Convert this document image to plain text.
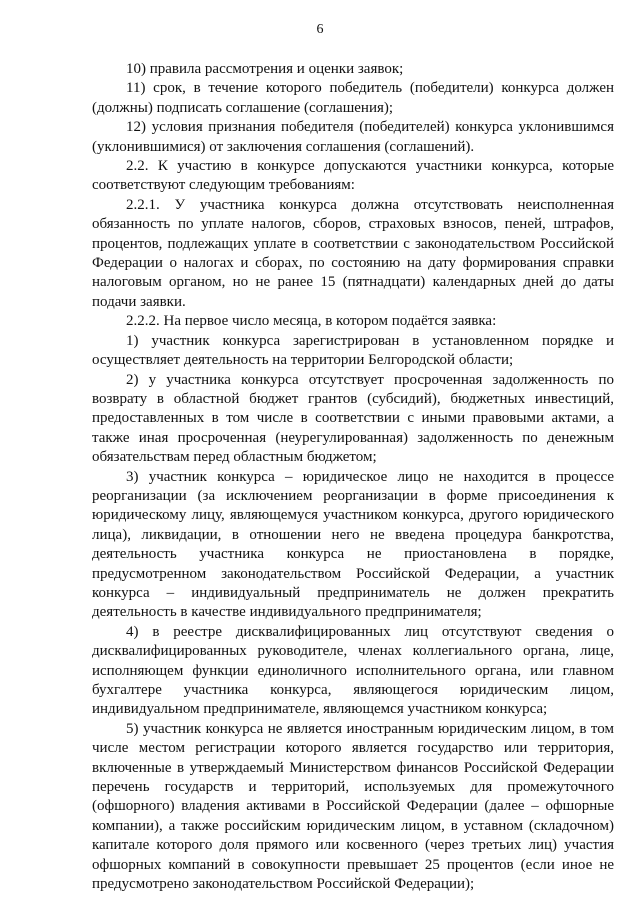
6

10) правила рассмотрения и оценки заявок;

11) срок, в течение которого победитель (победители) конкурса должен (должны) подписать соглашение (соглашения);

12) условия признания победителя (победителей) конкурса уклонившимся (уклонившимися) от заключения соглашения (соглашений).

2.2. К участию в конкурсе допускаются участники конкурса, которые соответствуют следующим требованиям:

2.2.1. У участника конкурса должна отсутствовать неисполненная обязанность по уплате налогов, сборов, страховых взносов, пеней, штрафов, процентов, подлежащих уплате в соответствии с законодательством Российской Федерации о налогах и сборах, по состоянию на дату формирования справки налоговым органом, но не ранее 15 (пятнадцати) календарных дней до даты подачи заявки.

2.2.2. На первое число месяца, в котором подаётся заявка:

1) участник конкурса зарегистрирован в установленном порядке и осуществляет деятельность на территории Белгородской области;

2) у участника конкурса отсутствует просроченная задолженность по возврату в областной бюджет грантов (субсидий), бюджетных инвестиций, предоставленных в том числе в соответствии с иными правовыми актами, а также иная просроченная (неурегулированная) задолженность по денежным обязательствам перед областным бюджетом;

3) участник конкурса – юридическое лицо не находится в процессе реорганизации (за исключением реорганизации в форме присоединения к юридическому лицу, являющемуся участником конкурса, другого юридического лица), ликвидации, в отношении него не введена процедура банкротства, деятельность участника конкурса не приостановлена в порядке, предусмотренном законодательством Российской Федерации, а участник конкурса – индивидуальный предприниматель не должен прекратить деятельность в качестве индивидуального предпринимателя;

4) в реестре дисквалифицированных лиц отсутствуют сведения о дисквалифицированных руководителе, членах коллегиального органа, лице, исполняющем функции единоличного исполнительного органа, или главном бухгалтере участника конкурса, являющегося юридическим лицом, индивидуальном предпринимателе, являющемся участником конкурса;

5) участник конкурса не является иностранным юридическим лицом, в том числе местом регистрации которого является государство или территория, включенные в утверждаемый Министерством финансов Российской Федерации перечень государств и территорий, используемых для промежуточного (офшорного) владения активами в Российской Федерации (далее – офшорные компании), а также российским юридическим лицом, в уставном (складочном) капитале которого доля прямого или косвенного (через третьих лиц) участия офшорных компаний в совокупности превышает 25 процентов (если иное не предусмотрено законодательством Российской Федерации);
